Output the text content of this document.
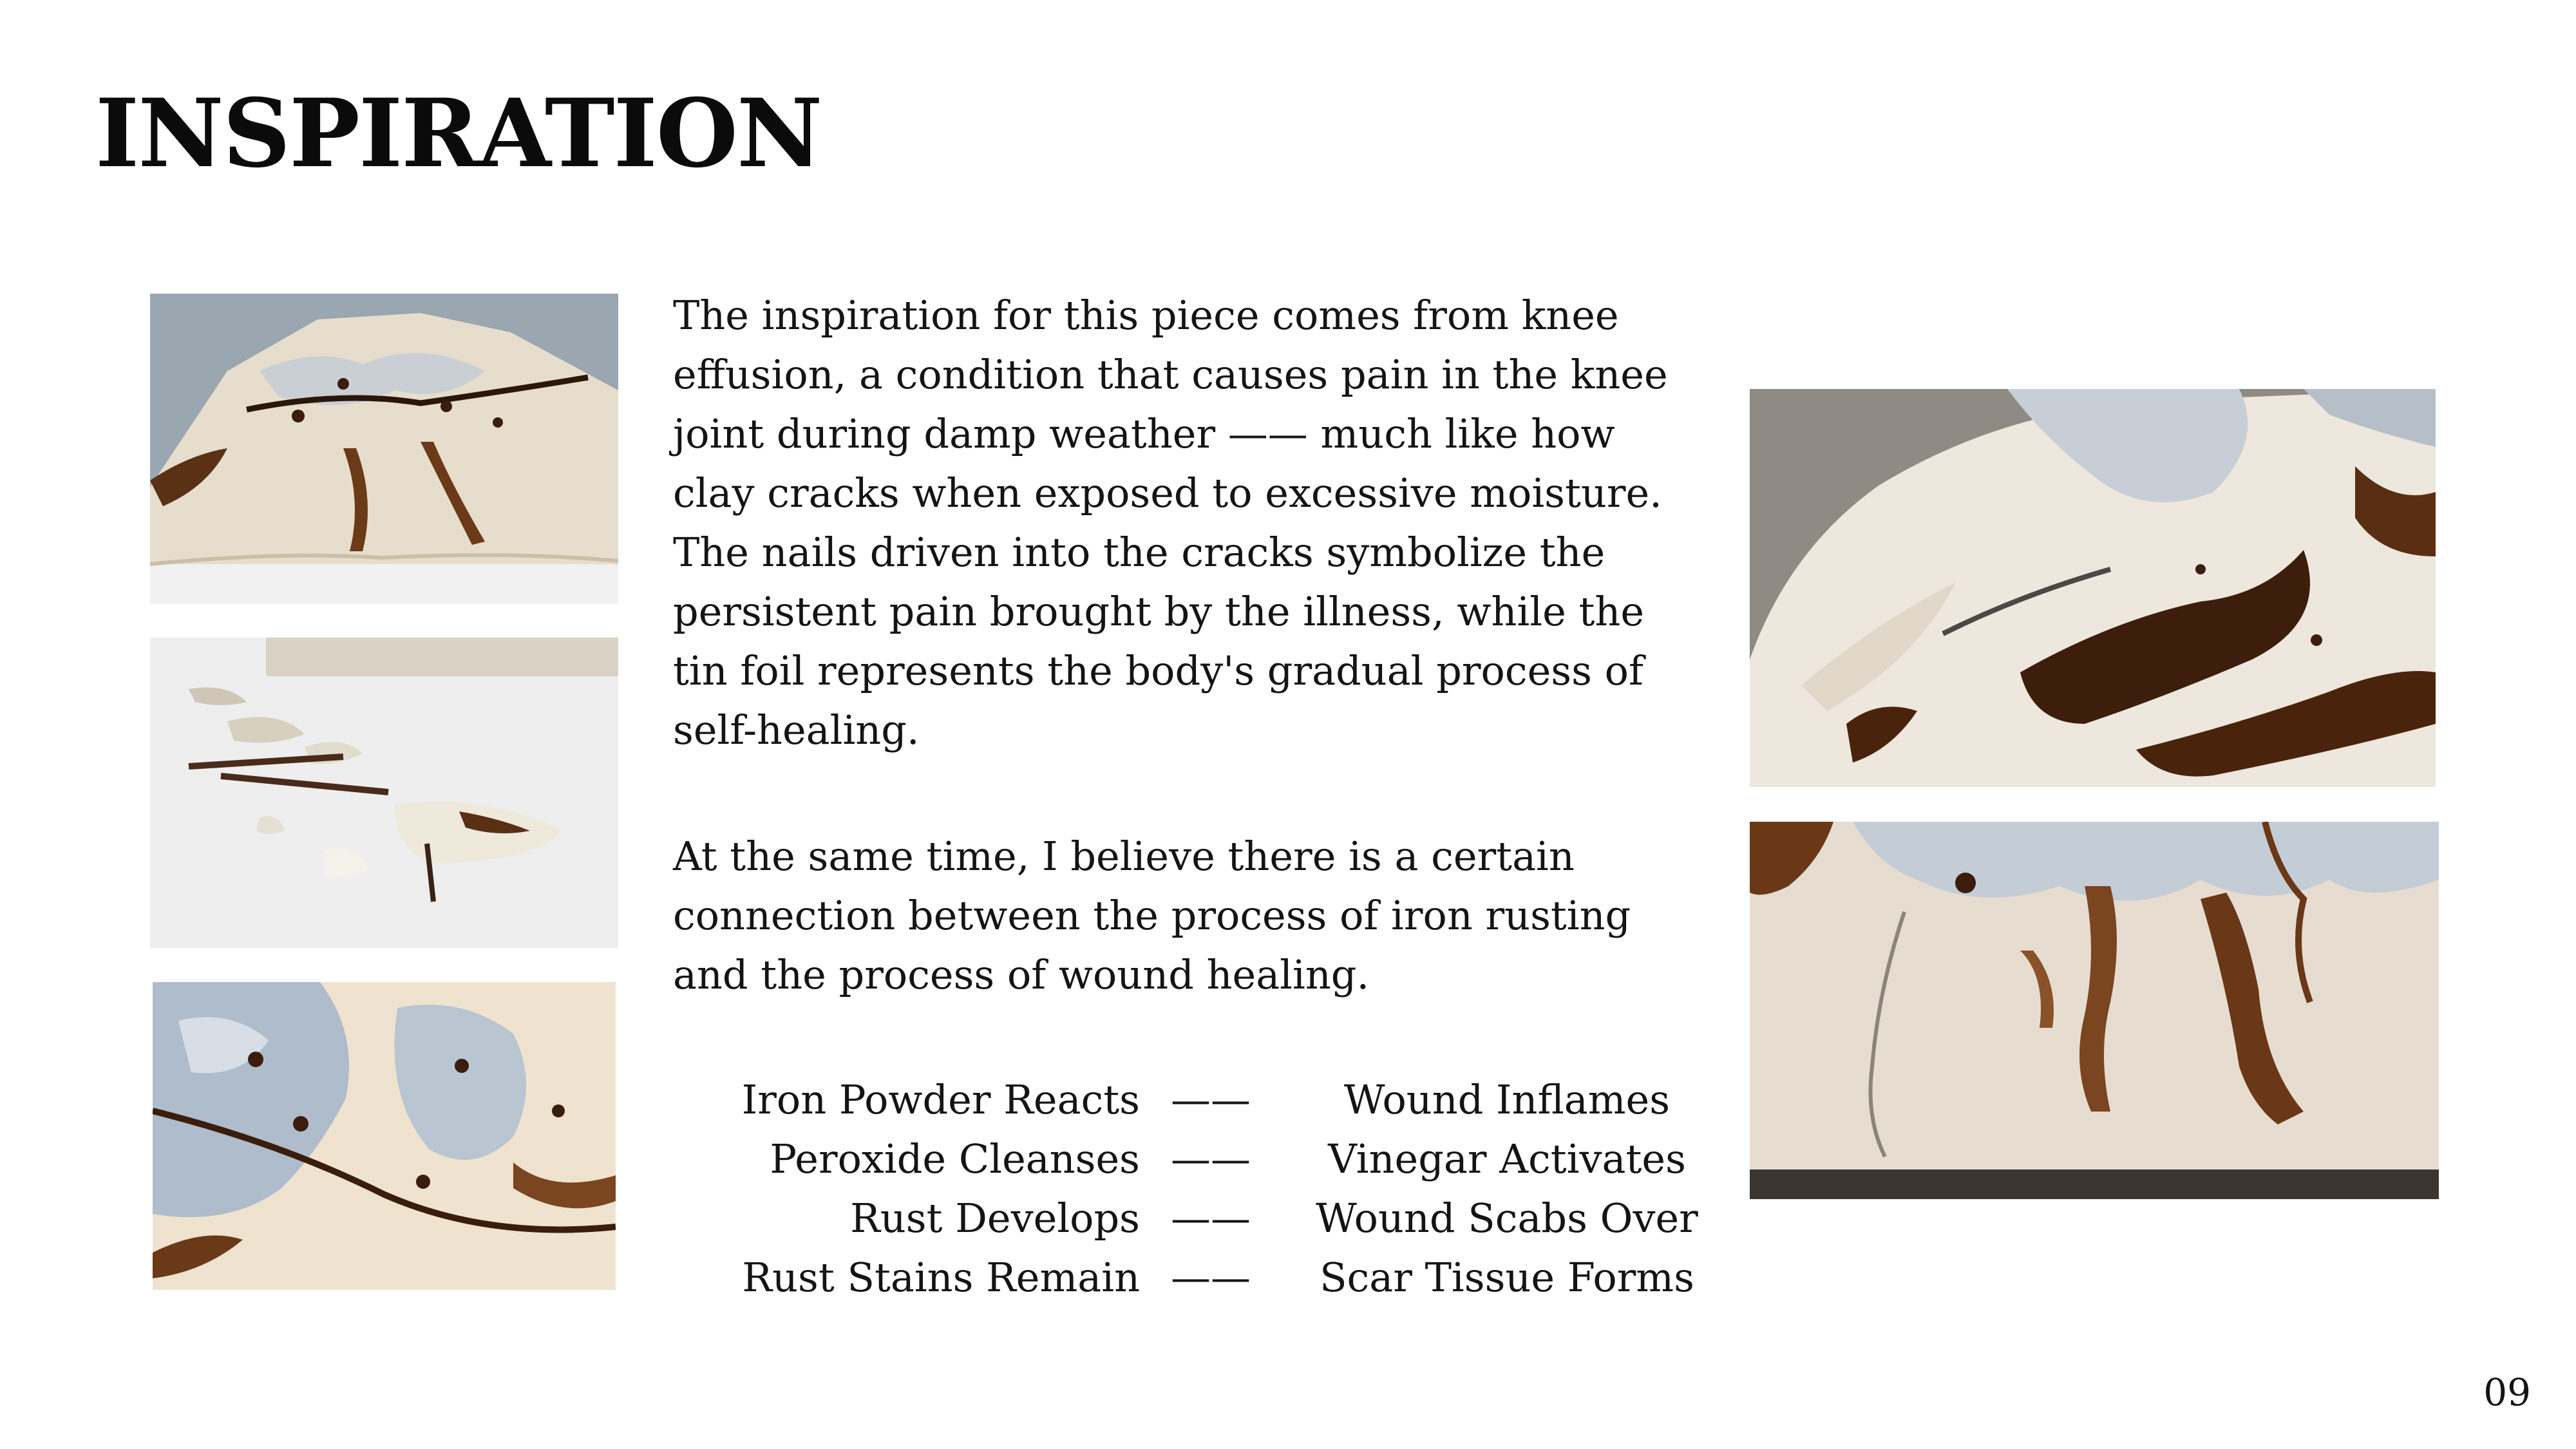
INSPIRATION

The inspiration for this piece comes from knee effusion, a condition that causes pain in the knee joint during damp weather —— much like how clay cracks when exposed to excessive moisture. The nails driven into the cracks symbolize the persistent pain brought by the illness, while the tin foil represents the body's gradual process of self-healing.

At the same time, I believe there is a certain connection between the process of iron rusting and the process of wound healing.

Iron Powder Reacts ——	Wound Inflames
Peroxide Cleanses ——	Vinegar Activates
Rust Develops ——	Wound Scabs Over
Rust Stains Remain ——	Scar Tissue Forms
09
